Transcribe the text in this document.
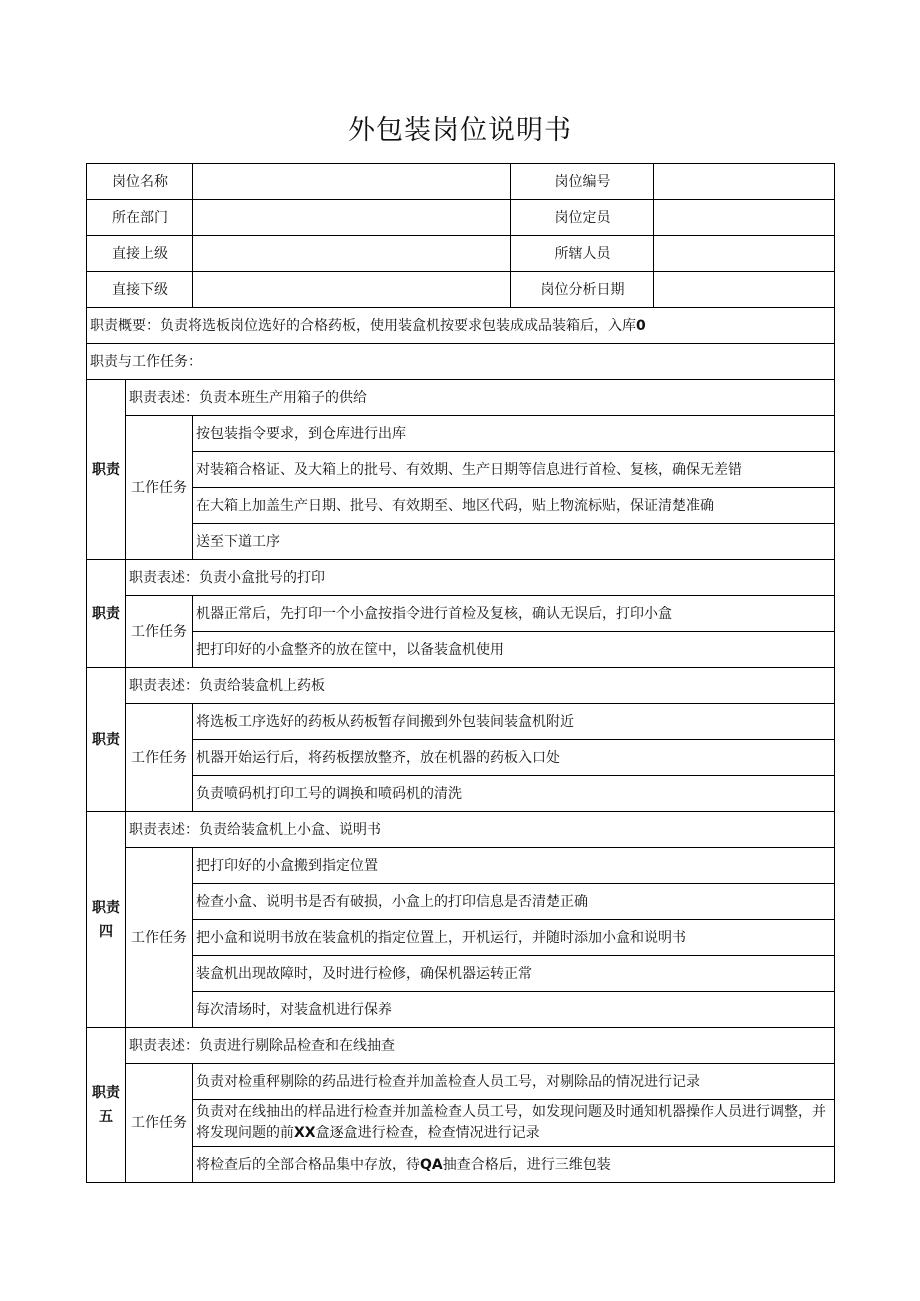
外包装岗位说明书
岗位名称			岗位编号	
所在部门			岗位定员	
直接上级			所辖人员	
直接下级			岗位分析日期	
职责概要：负责将选板岗位选好的合格药板，使用装盒机按要求包装成成品装箱后，入库0				
职责与工作任务：				
职责	职责表述：负责本班生产用箱子的供给			
	工作任务	按包装指令要求，到仓库进行出库		
		对装箱合格证、及大箱上的批号、有效期、生产日期等信息进行首检、复核，确保无差错		
		在大箱上加盖生产日期、批号、有效期至、地区代码，贴上物流标贴，保证清楚准确		
		送至下道工序		
职责	职责表述：负责小盒批号的打印			
	工作任务	机器正常后，先打印一个小盒按指令进行首检及复核，确认无误后，打印小盒		
		把打印好的小盒整齐的放在筐中，以备装盒机使用		
职责	职责表述：负责给装盒机上药板			
	工作任务	将选板工序选好的药板从药板暂存间搬到外包装间装盒机附近		
		机器开始运行后，将药板摆放整齐，放在机器的药板入口处		
		负责喷码机打印工号的调换和喷码机的清洗		
职责四	职责表述：负责给装盒机上小盒、说明书			
	工作任务	把打印好的小盒搬到指定位置		
		检查小盒、说明书是否有破损，小盒上的打印信息是否清楚正确		
		把小盒和说明书放在装盒机的指定位置上，开机运行，并随时添加小盒和说明书		
		装盒机出现故障时，及时进行检修，确保机器运转正常		
		每次清场时，对装盒机进行保养		
职责五	职责表述：负责进行剔除品检查和在线抽查			
	工作任务	负责对检重秤剔除的药品进行检查并加盖检查人员工号，对剔除品的情况进行记录		
		负责对在线抽出的样品进行检查并加盖检查人员工号，如发现问题及时通知机器操作人员进行调整，并将发现问题的前XX盒逐盒进行检查，检查情况进行记录		
		将检查后的全部合格品集中存放，待QA抽查合格后，进行三维包装		
